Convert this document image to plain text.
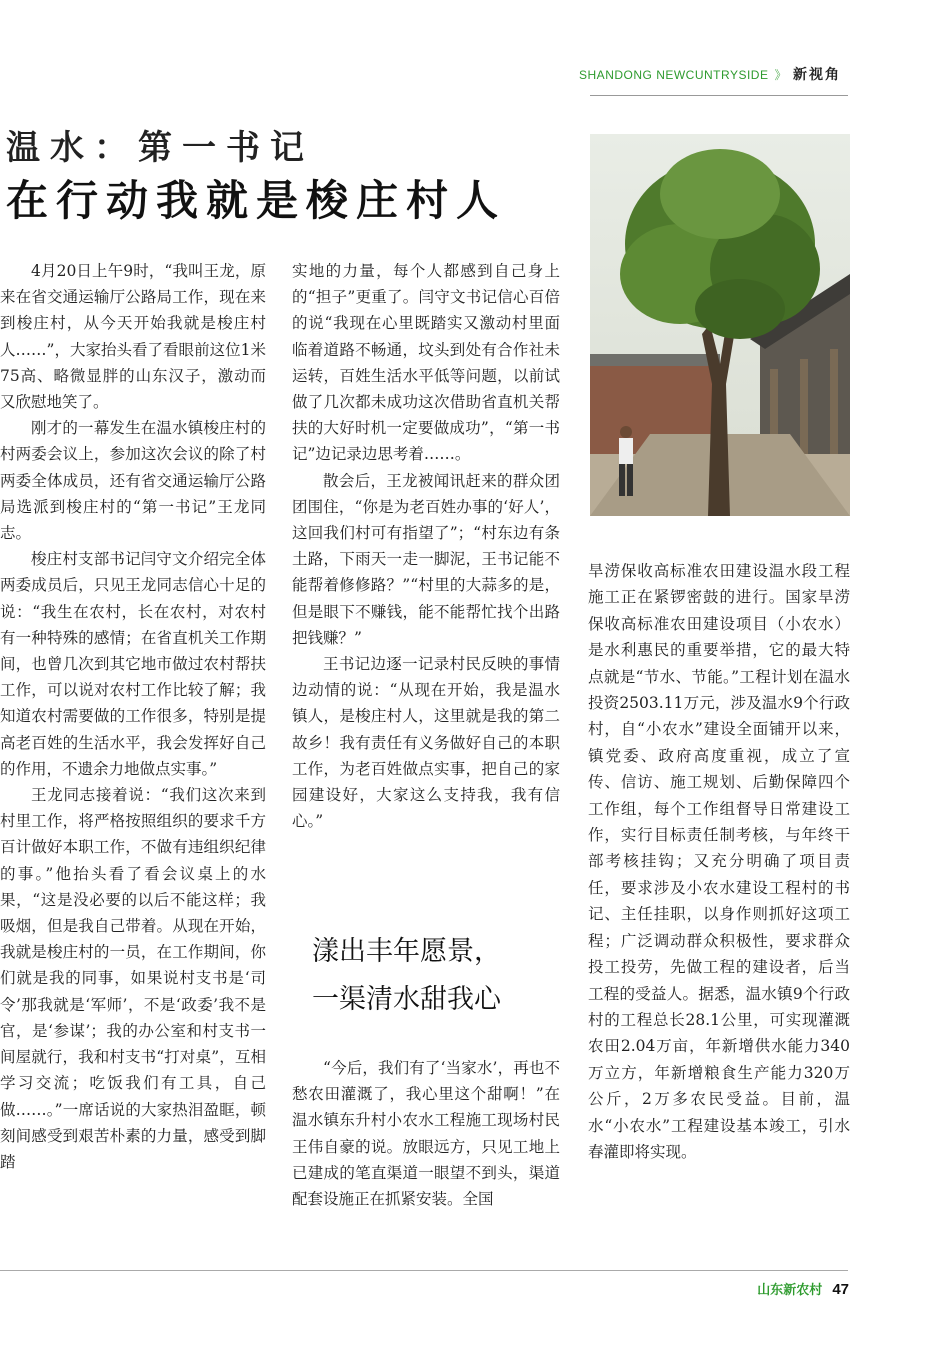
SHANDONG NEWCUNTRYSIDE 》 新视角
温水：第一书记
在行动我就是梭庄村人

4月20日上午9时，“我叫王龙，原来在省交通运输厅公路局工作，现在来到梭庄村，从今天开始我就是梭庄村人……”，大家抬头看了看眼前这位1米75高、略微显胖的山东汉子，激动而又欣慰地笑了。

刚才的一幕发生在温水镇梭庄村的村两委会议上，参加这次会议的除了村两委全体成员，还有省交通运输厅公路局选派到梭庄村的“第一书记”王龙同志。

梭庄村支部书记闫守文介绍完全体两委成员后，只见王龙同志信心十足的说：“我生在农村，长在农村，对农村有一种特殊的感情；在省直机关工作期间，也曾几次到其它地市做过农村帮扶工作，可以说对农村工作比较了解；我知道农村需要做的工作很多，特别是提高老百姓的生活水平，我会发挥好自己的作用，不遗余力地做点实事。”

王龙同志接着说：“我们这次来到村里工作，将严格按照组织的要求千方百计做好本职工作，不做有违组织纪律的事。”他抬头看了看会议桌上的水果，“这是没必要的以后不能这样；我吸烟，但是我自己带着。从现在开始，我就是梭庄村的一员，在工作期间，你们就是我的同事，如果说村支书是‘司令’那我就是‘军师’，不是‘政委’我不是官，是‘参谋’；我的办公室和村支书一间屋就行，我和村支书“打对桌”，互相学习交流；吃饭我们有工具，自己做……。”一席话说的大家热泪盈眶，顿刻间感受到艰苦朴素的力量，感受到脚踏

实地的力量，每个人都感到自己身上的“担子”更重了。闫守文书记信心百倍的说“我现在心里既踏实又激动村里面临着道路不畅通，坟头到处有合作社未运转，百姓生活水平低等问题，以前试做了几次都未成功这次借助省直机关帮扶的大好时机一定要做成功”，“第一书记”边记录边思考着……。

散会后，王龙被闻讯赶来的群众团团围住，“你是为老百姓办事的‘好人’，这回我们村可有指望了”；“村东边有条土路，下雨天一走一脚泥，王书记能不能帮着修修路？”“村里的大蒜多的是，但是眼下不赚钱，能不能帮忙找个出路把钱赚？”

王书记边逐一记录村民反映的事情边动情的说：“从现在开始，我是温水镇人，是梭庄村人，这里就是我的第二故乡！我有责任有义务做好自己的本职工作，为老百姓做点实事，把自己的家园建设好，大家这么支持我，我有信心。”

漾出丰年愿景，
一渠清水甜我心

“今后，我们有了‘当家水’，再也不愁农田灌溉了，我心里这个甜啊！”在温水镇东升村小农水工程施工现场村民王伟自豪的说。放眼远方，只见工地上已建成的笔直渠道一眼望不到头，渠道配套设施正在抓紧安装。全国

旱涝保收高标准农田建设温水段工程施工正在紧锣密鼓的进行。国家旱涝保收高标准农田建设项目（小农水）是水利惠民的重要举措，它的最大特点就是“节水、节能。”工程计划在温水投资2503.11万元，涉及温水9个行政村，自“小农水”建设全面铺开以来，镇党委、政府高度重视，成立了宣传、信访、施工规划、后勤保障四个工作组，每个工作组督导日常建设工作，实行目标责任制考核，与年终干部考核挂钩；又充分明确了项目责任，要求涉及小农水建设工程村的书记、主任挂职，以身作则抓好这项工程；广泛调动群众积极性，要求群众投工投劳，先做工程的建设者，后当工程的受益人。据悉，温水镇9个行政村的工程总长28.1公里，可实现灌溉农田2.04万亩，年新增供水能力340万立方，年新增粮食生产能力320万公斤，2万多农民受益。目前，温水“小农水”工程建设基本竣工，引水春灌即将实现。

山东新农村 47
